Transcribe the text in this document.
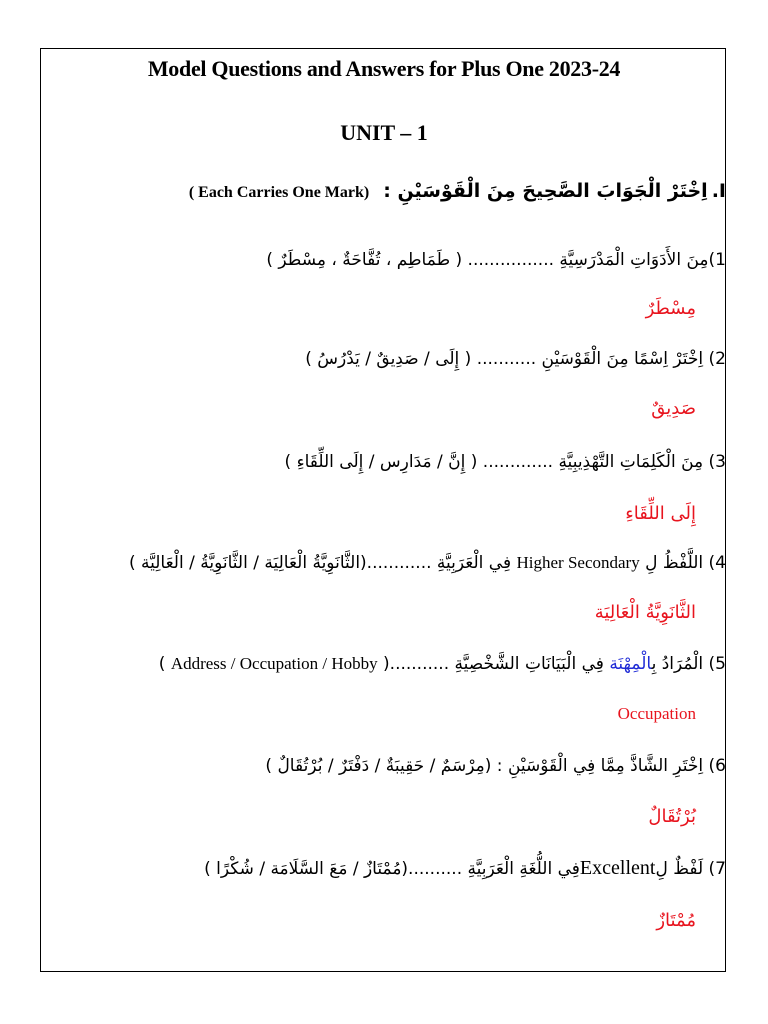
Model Questions and Answers for Plus One 2023-24
UNIT – 1
I. اِخْتَرْ الْجَوَابَ الصَّحِيحَ مِنَ الْقَوْسَيْنِ : ( Each Carries One Mark)
1)مِنَ الأَدَوَاتِ الْمَدْرَسِيَّةِ ................ ( طَمَاطِم ، تُفَّاحَةٌ ، مِسْطَرٌ )
مِسْطَرٌ
2) اِخْتَرْ اِسْمًا مِنَ الْقَوْسَيْنِ ........... ( إِلَى / صَدِيقٌ / يَدْرُسُ )
صَدِيقٌ
3) مِنَ الْكَلِمَاتِ التَّهْذِيبِيَّةِ ............. ( إِنَّ / مَدَارِس / إِلَى اللِّقَاءِ )
إِلَى اللِّقَاءِ
4) اللَّفْظُ لِ Higher Secondary فِي الْعَرَبِيَّةِ ............(الثَّانَوِيَّةُ الْعَالِيَة / الثَّانَوِيَّةُ / الْعَالِيَّة )
الثَّانَوِيَّةُ الْعَالِيَة
5) الْمُرَادُ بِالْمِهْنَة فِي الْبَيَانَاتِ الشَّخْصِيَّةِ ...........( Address / Occupation / Hobby )
Occupation
6) اِخْتَرِ الشَّاذَّ مِمَّا فِي الْقَوْسَيْنِ : (مِرْسَمٌ / حَقِيبَةٌ / دَفْتَرٌ / بُرْتُقَالٌ )
بُرْتُقَالٌ
7) لَفْظٌ لِExcellentفِي اللُّغَةِ الْعَرَبِيَّةِ ..........(مُمْتَازٌ / مَعَ السَّلَامَة / شُكْرًا )
مُمْتَازٌ
